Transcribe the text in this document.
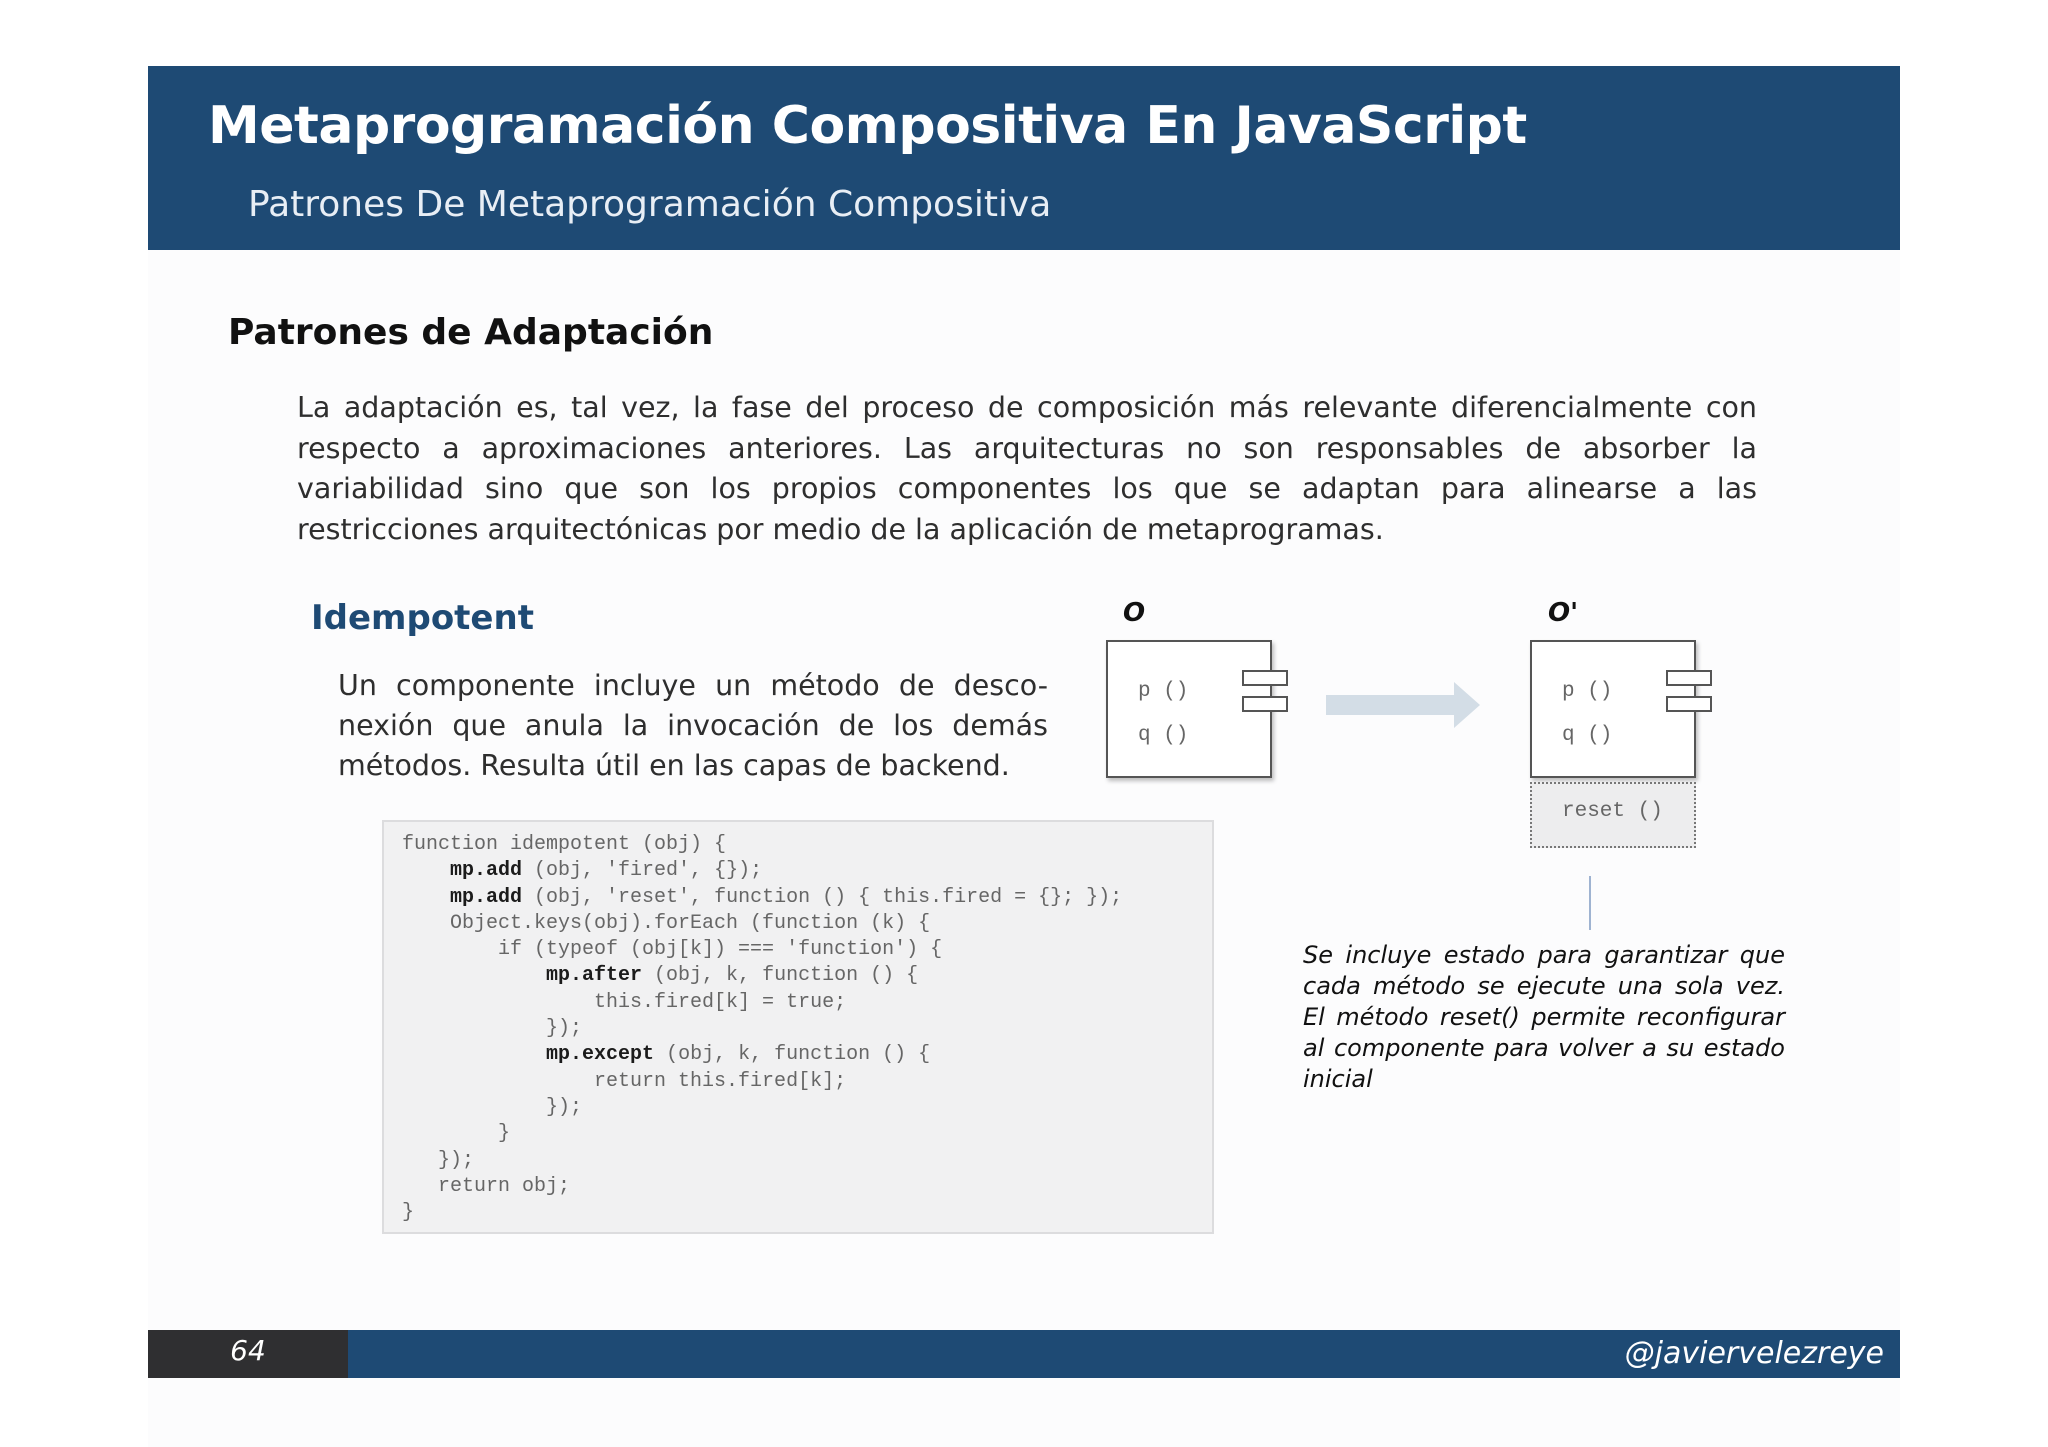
Metaprogramación Compositiva En JavaScript
Patrones De Metaprogramación Compositiva
Patrones de Adaptación
La adaptación es, tal vez, la fase del proceso de composición más relevante diferencialmente con respecto a aproximaciones anteriores. Las arquitecturas no son responsables de absorber la variabilidad sino que son los propios componentes los que se adaptan para alinearse a las restricciones arquitectónicas por medio de la aplicación de metaprogramas.
Idempotent
Un componente incluye un método de desco-nexión que anula la invocación de los demás métodos. Resulta útil en las capas de backend.
function idempotent (obj) {
mp.add (obj, 'fired', {});
mp.add (obj, 'reset', function () { this.fired = {}; });
Object.keys(obj).forEach (function (k) {
if (typeof (obj[k]) === 'function') {
mp.after (obj, k, function () {
this.fired[k] = true;
});
mp.except (obj, k, function () {
return this.fired[k];
});
}
});
return obj;
}
O
p ()
q ()
O'
p ()
q ()
reset ()
Se incluye estado para garantizar que cada método se ejecute una sola vez. El método reset() permite reconfigurar al componente para volver a su estado inicial
64	@javiervelezreye
